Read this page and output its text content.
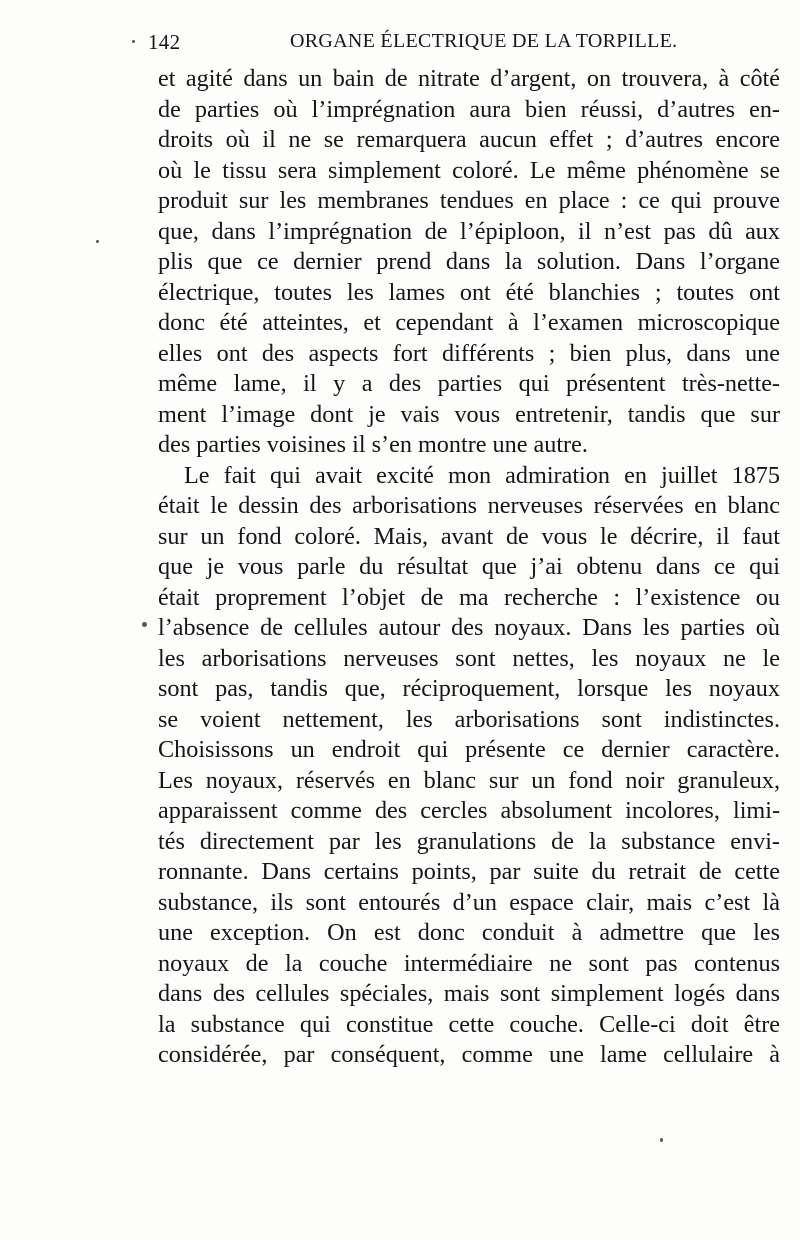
142	ORGANE ÉLECTRIQUE DE LA TORPILLE.
et agité dans un bain de nitrate d’argent, on trouvera, à côté
de parties où l’imprégnation aura bien réussi, d’autres en-
droits où il ne se remarquera aucun effet ; d’autres encore
où le tissu sera simplement coloré. Le même phénomène se
produit sur les membranes tendues en place : ce qui prouve
que, dans l’imprégnation de l’épiploon, il n’est pas dû aux
plis que ce dernier prend dans la solution. Dans l’organe
électrique, toutes les lames ont été blanchies ; toutes ont
donc été atteintes, et cependant à l’examen microscopique
elles ont des aspects fort différents ; bien plus, dans une
même lame, il y a des parties qui présentent très-nette-
ment l’image dont je vais vous entretenir, tandis que sur
des parties voisines il s’en montre une autre.
Le fait qui avait excité mon admiration en juillet 1875
était le dessin des arborisations nerveuses réservées en blanc
sur un fond coloré. Mais, avant de vous le décrire, il faut
que je vous parle du résultat que j’ai obtenu dans ce qui
était proprement l’objet de ma recherche : l’existence ou
l’absence de cellules autour des noyaux. Dans les parties où
les arborisations nerveuses sont nettes, les noyaux ne le
sont pas, tandis que, réciproquement, lorsque les noyaux
se voient nettement, les arborisations sont indistinctes.
Choisissons un endroit qui présente ce dernier caractère.
Les noyaux, réservés en blanc sur un fond noir granuleux,
apparaissent comme des cercles absolument incolores, limi-
tés directement par les granulations de la substance envi-
ronnante. Dans certains points, par suite du retrait de cette
substance, ils sont entourés d’un espace clair, mais c’est là
une exception. On est donc conduit à admettre que les
noyaux de la couche intermédiaire ne sont pas contenus
dans des cellules spéciales, mais sont simplement logés dans
la substance qui constitue cette couche. Celle-ci doit être
considérée, par conséquent, comme une lame cellulaire à
